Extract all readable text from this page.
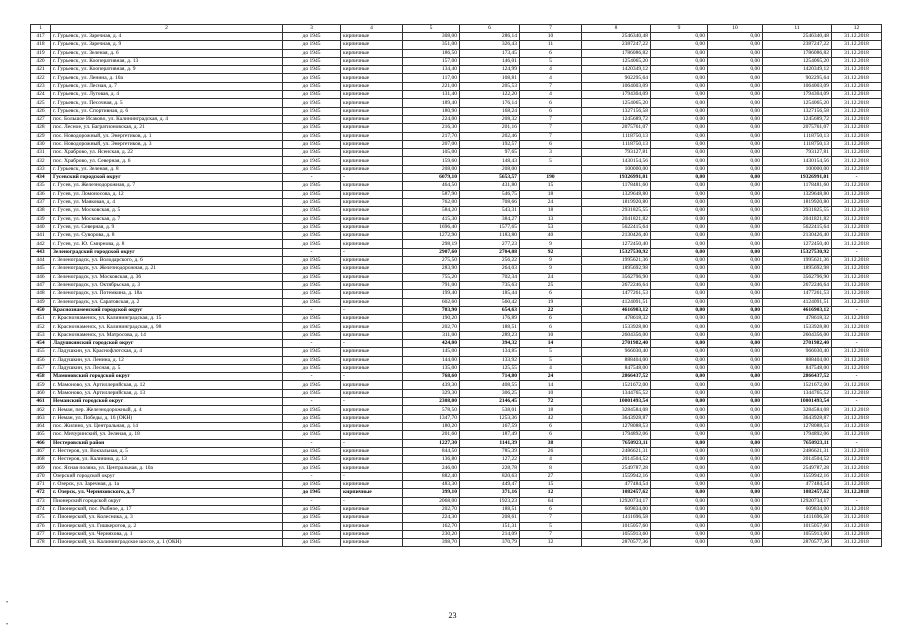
1	2	3	4	5	6	7	8	9	10	11	12
417	г. Гурьевск, ул. Заречная, д. 4	до 1945	кирпичные	308,00	286,14	10	2546340,48	0,00	0,00	2546340,48	31.12.2018
418	г. Гурьевск, ул. Заречная, д. 9	до 1945	кирпичные	351,00	326,43	11	2387247,22	0,00	0,00	2387247,22	31.12.2018
419	г. Гурьевск, ул. Зеленая, д. 6	до 1945	кирпичные	186,50	173,45	6	1786086,82	0,00	0,00	1786086,82	31.12.2018
420	г. Гурьевск, ул. Кооперативная, д. 13	до 1945	кирпичные	157,00	146,01	5	1254065,20	0,00	0,00	1254065,20	31.12.2018
421	г. Гурьевск, ул. Кооперативная, д. 9	до 1945	кирпичные	134,40	124,99	4	1420349,12	0,00	0,00	1420349,12	31.12.2018
422	г. Гурьевск, ул. Ленина, д. 10а	до 1945	кирпичные	117,00	108,81	4	902295,64	0,00	0,00	902295,64	31.12.2018
423	г. Гурьевск, ул. Лесная, д. 7	до 1945	кирпичные	221,00	205,53	7	1064003,09	0,00	0,00	1064003,09	31.12.2018
424	г. Гурьевск, ул. Луговая, д. 4	до 1945	кирпичные	131,40	122,20	4	1794304,09	0,00	0,00	1794304,09	31.12.2018
425	г. Гурьевск, ул. Песочная, д. 5	до 1945	кирпичные	189,40	176,14	6	1254065,20	0,00	0,00	1254065,20	31.12.2018
426	г. Гурьевск, ул. Спортивная, д. 6	до 1945	кирпичные	180,90	168,24	6	1327156,58	0,00	0,00	1327156,58	31.12.2018
427	пос. Большое Исаково, ул. Калининградская, д. 4	до 1945	кирпичные	224,00	208,32	7	1245689,72	0,00	0,00	1245689,72	31.12.2018
428	пос. Лесное, ул. Багратионовская, д. 21	до 1945	кирпичные	216,30	201,16	7	2075761,07	0,00	0,00	2075761,07	31.12.2018
429	пос. Новодорожный, ул. Энергетиков, д. 1	до 1945	кирпичные	217,70	202,46	7	1118750,13	0,00	0,00	1118750,13	31.12.2018
430	пос. Новодорожный, ул. Энергетиков, д. 3	до 1945	кирпичные	207,00	192,57	6	1118750,13	0,00	0,00	1118750,13	31.12.2018
431	пос. Храброво, ул. Ясенская, д. 22	до 1945	кирпичные	105,00	97,65	3	793127,81	0,00	0,00	793127,81	31.12.2018
432	пос. Храброво, ул. Северная, д. 6	до 1945	кирпичные	159,60	148,43	5	1430154,56	0,00	0,00	1430154,56	31.12.2018
433	г. Гурьевск, ул. Зеленая, д. 8	до 1945	кирпичные	208,00	208,00		100000,00	0,00	0,00	100000,00	31.12.2018
434	Гусевский городской округ	-	-	6079,10	5653,57	190	19326991,01	0,00	0,00	19326991,01	-
435	г. Гусев, ул. Железнодорожная, д. 7	до 1945	кирпичные	464,50	431,80	15	1178481,60	0,00	0,00	1178481,60	31.12.2018
436	г. Гусев, ул. Ломоносова, д. 12	до 1945	кирпичные	587,90	546,75	18	1329648,80	0,00	0,00	1329648,80	31.12.2018
437	г. Гусев, ул. Маяковая, д. 4	до 1945	кирпичные	762,00	708,66	24	1819920,80	0,00	0,00	1819920,80	31.12.2018
438	г. Гусев, ул. Московская, д. 5	до 1945	кирпичные	584,20	543,31	18	2931825,55	0,00	0,00	2931825,55	31.12.2018
439	г. Гусев, ул. Московская, д. 7	до 1945	кирпичные	415,30	384,27	13	2041821,82	0,00	0,00	2041821,82	31.12.2018
440	г. Гусев, ул. Северная, д. 9	до 1945	кирпичные	1696,40	1577,65	53	5622415,64	0,00	0,00	5622415,64	31.12.2018
441	г. Гусев, ул. Суворова, д. 8	до 1945	кирпичные	1272,90	1183,80	40	2130426,40	0,00	0,00	2130426,40	31.12.2018
442	г. Гусев, ул. Ю. Смирнова, д. 8	до 1945	кирпичные	298,19	277,23	9	1272450,40	0,00	0,00	1272450,40	31.12.2018
443	Зеленоградский городской округ	-	-	2907,60	2704,08	92	15327530,92	0,00	0,00	15327530,92	-
444	г. Зеленоградск, ул. Володарского, д. 6	до 1945	кирпичные	275,50	256,22	9	1995621,36	0,00	0,00	1995621,36	31.12.2018
445	г. Зеленоградск, ул. Железнодорожная, д. 21	до 1945	кирпичные	283,90	264,03	9	1895692,98	0,00	0,00	1895692,98	31.12.2018
446	г. Зеленоградск, ул. Московская, д. 36	до 1945	кирпичные	755,20	702,34	24	3562796,90	0,00	0,00	3562796,90	31.12.2018
447	г. Зеленоградск, ул. Октябрьская, д. 3	до 1945	кирпичные	791,00	735,63	25	2672246,64	0,00	0,00	2672246,64	31.12.2018
448	г. Зеленоградск, ул. Потемкина, д. 18а	до 1945	кирпичные	199,40	185,44	6	1477261,53	0,00	0,00	1477261,53	31.12.2018
449	г. Зеленоградск, ул. Саратовская, д. 2	до 1945	кирпичные	602,60	560,42	19	4124091,51	0,00	0,00	4124091,51	31.12.2018
450	Краснознаменский городской округ	-	-	703,90	654,63	22	4616903,12	0,00	0,00	4616903,12	-
451	г. Краснознаменск, ул. Калининградская, д. 15	до 1945	кирпичные	190,20	176,89	6	478618,32	0,00	0,00	478618,32	31.12.2018
452	г. Краснознаменск, ул. Калининградская, д. 98	до 1945	кирпичные	202,70	188,51	6	1533928,80	0,00	0,00	1533928,80	31.12.2018
453	г. Краснознаменск, ул. Матросова, д. 14	до 1945	кирпичные	311,00	289,23	10	2604356,00	0,00	0,00	2604356,00	31.12.2018
454	Ладушкинский городской округ	-	-	424,00	394,32	14	2701982,40	0,00	0,00	2701982,40	-
455	г. Ладушкин, ул. Краснофлотская, д. 4	до 1945	кирпичные	145,00	134,85	5	966030,40	0,00	0,00	966030,40	31.12.2018
456	г. Ладушкин, ул. Ленина, д. 12	до 1945	кирпичные	144,00	133,92	5	888404,00	0,00	0,00	888404,00	31.12.2018
457	г. Ладушкин, ул. Лесная, д. 5	до 1945	кирпичные	135,00	125,55	4	847548,00	0,00	0,00	847548,00	31.12.2018
458	Мамоновский городской округ	-	-	768,60	714,80	24	2866437,52	0,00	0,00	2866437,52	-
459	г. Мамоново, ул. Артиллерийская, д. 12	до 1945	кирпичные	439,30	408,55	14	1521672,00	0,00	0,00	1521672,00	31.12.2018
460	г. Мамоново, ул. Артиллерийская, д. 13	до 1945	кирпичные	329,30	306,25	10	1344765,52	0,00	0,00	1344765,52	31.12.2018
461	Неманский городской округ	-	-	2308,00	2146,45	72	10001493,54	0,00	0,00	10001493,54	-
462	г. Неман, пер. Железнодорожный, д. 4	до 1945	кирпичные	578,50	538,01	18	3284584,08	0,00	0,00	3284584,08	31.12.2018
463	г. Неман, ул. Победы, д. 16 (ОКН)	до 1945	кирпичные	1347,70	1253,36	42	3643928,87	0,00	0,00	3643928,87	31.12.2018
464	пос. Жилино, ул. Центральная, д. 14	до 1945	кирпичные	180,20	167,59	6	1278088,53	0,00	0,00	1278088,53	31.12.2018
465	пос. Мичуринский, ул. Зеленая, д. 18	до 1945	кирпичные	201,60	187,49	6	1794892,06	0,00	0,00	1794892,06	31.12.2018
466	Нестеровский район	-	-	1227,30	1141,39	38	7650923,11	0,00	0,00	7650923,11	-
467	г. Нестеров, ул. Вокзальная, д. 5	до 1945	кирпичные	844,50	785,39	26	2486621,31	0,00	0,00	2486621,31	31.12.2018
468	г. Нестеров, ул. Калинина, д. 13	до 1945	кирпичные	136,80	127,22	4	2014504,52	0,00	0,00	2014504,52	31.12.2018
469	пос. Ясная поляна, ул. Центральная, д. 10а	до 1945	кирпичные	246,00	228,78	8	2549787,28	0,00	0,00	2549787,28	31.12.2018
470	Озерский городской округ	-	-	882,40	820,63	27	1559942,16	0,00	0,00	1559942,16	31.12.2018
471	г. Озерск, ул. Заречная, д. 1а	до 1945	кирпичные	483,30	449,47	15	477484,54	0,00	0,00	477484,54	31.12.2018
472	г. Озерск, ул. Черняховского, д. 7	до 1945	кирпичные	399,10	371,16	12	1082457,62	0,00	0,00	1082457,62	31.12.2018
473	Пионерский городской округ	-	-	2068,00	1923,23	64	12920734,17	0,00	0,00	12920734,17	-
474	г. Пионерский, пос. Рыбное, д. 17	до 1945	кирпичные	202,70	188,51	6	609834,00	0,00	0,00	609834,00	31.12.2018
475	г. Пионерский, ул. Колесника, д. 3	до 1945	кирпичные	224,30	208,61	7	1411696,58	0,00	0,00	1411696,58	31.12.2018
476	г. Пионерский, ул. Гишкеротов, д. 2	до 1945	кирпичные	162,70	151,31	5	1015057,60	0,00	0,00	1015057,60	31.12.2018
477	г. Пионерский, ул. Черняхова, д. 1	до 1945	кирпичные	230,20	214,09	7	1055913,60	0,00	0,00	1055913,60	31.12.2018
478	г. Пионерский, ул. Калининградское шоссе, д. 1 (ОКН)	до 1945	кирпичные	398,70	370,79	12	2870577,36	0,00	0,00	2870577,36	31.12.2018
23
•
•
